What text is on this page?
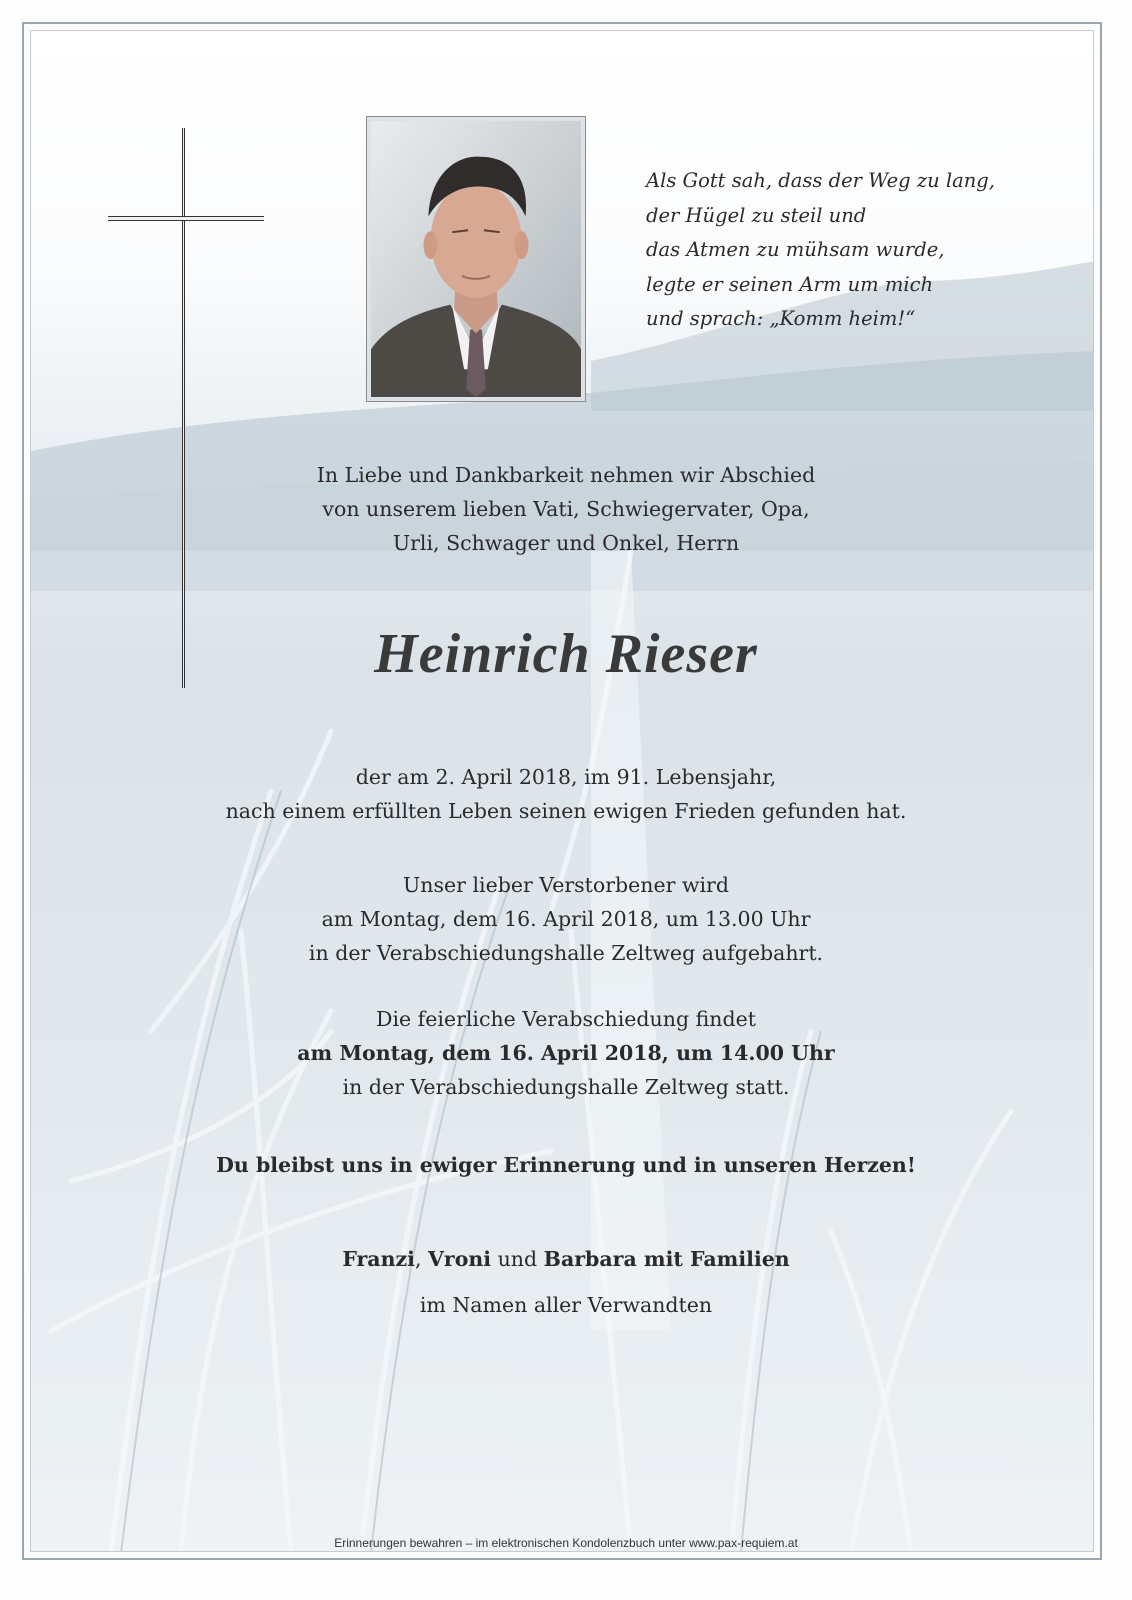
Als Gott sah, dass der Weg zu lang,
der Hügel zu steil und
das Atmen zu mühsam wurde,
legte er seinen Arm um mich
und sprach: „Komm heim!“
In Liebe und Dankbarkeit nehmen wir Abschied
von unserem lieben Vati, Schwiegervater, Opa,
Urli, Schwager und Onkel, Herrn
Heinrich Rieser
der am 2. April 2018, im 91. Lebensjahr,
nach einem erfüllten Leben seinen ewigen Frieden gefunden hat.
Unser lieber Verstorbener wird
am Montag, dem 16. April 2018, um 13.00 Uhr
in der Verabschiedungshalle Zeltweg aufgebahrt.
Die feierliche Verabschiedung findet
am Montag, dem 16. April 2018, um 14.00 Uhr
in der Verabschiedungshalle Zeltweg statt.
Du bleibst uns in ewiger Erinnerung und in unseren Herzen!
Franzi, Vroni und Barbara mit Familien
im Namen aller Verwandten
Erinnerungen bewahren – im elektronischen Kondolenzbuch unter www.pax-requiem.at
